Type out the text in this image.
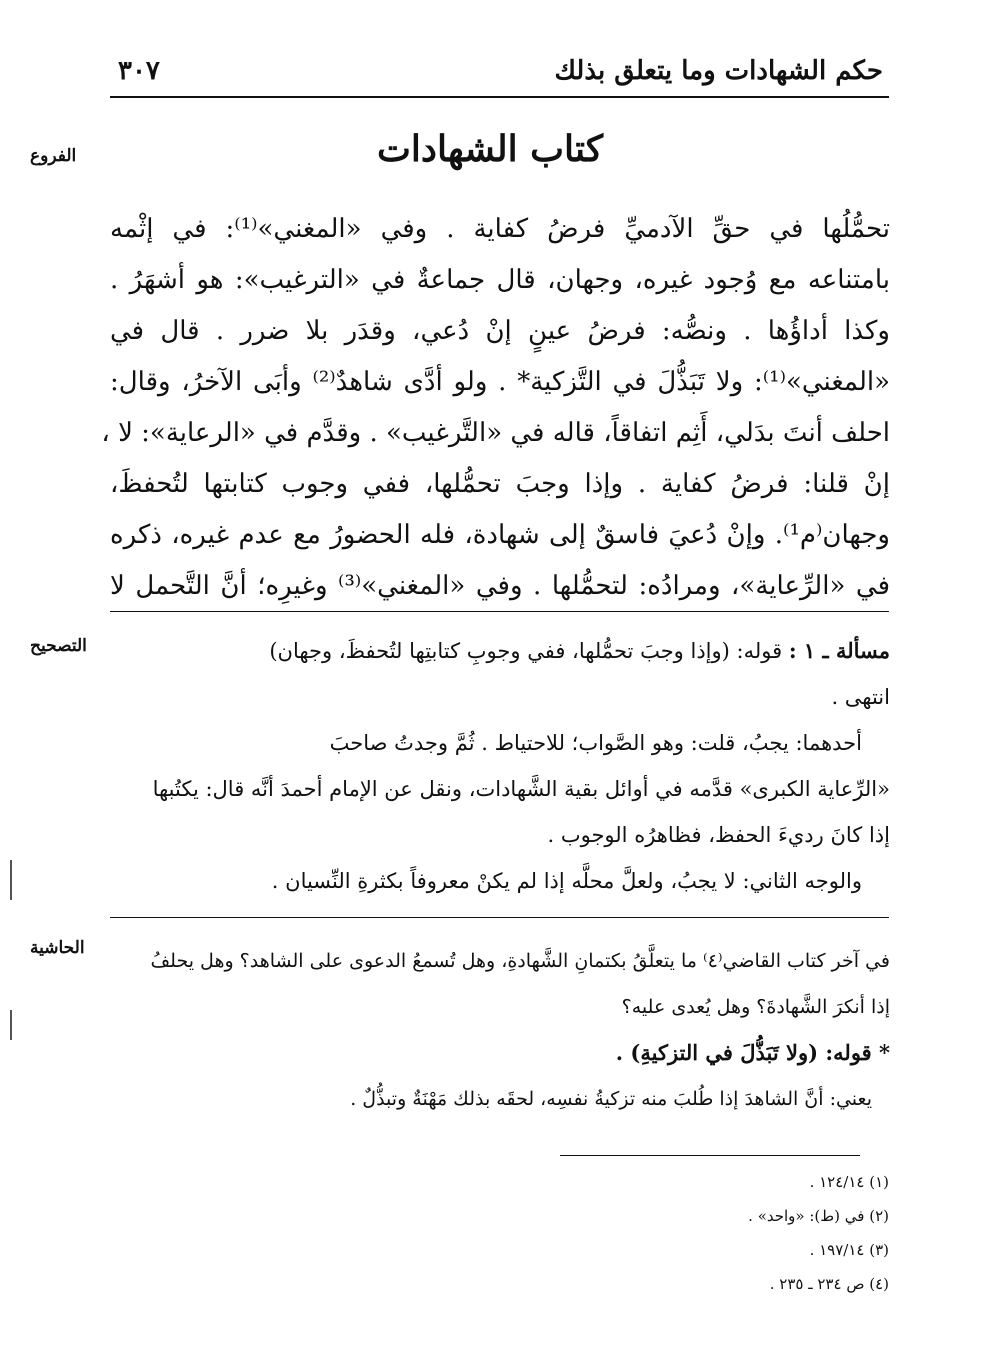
حكم الشهادات وما يتعلق بذلك
٣٠٧
الفروع
التصحيح
الحاشية
كتاب الشهادات
تحمُّلُها في حقِّ الآدميِّ فرضُ كفاية . وفي «المغني»⁽¹⁾: في إثْمه
بامتناعه مع وُجود غيره، وجهان، قال جماعةٌ في «الترغيب»: هو أشهَرُ .
وكذا أداؤُها . ونصُّه: فرضُ عينٍ إنْ دُعي، وقدَر بلا ضرر . قال في
«المغني»⁽¹⁾: ولا تَبَذُّلَ في التَّزكية* . ولو أدَّى شاهدٌ⁽²⁾ وأبَى الآخرُ، وقال:
احلف أنتَ بدَلي، أَثِم اتفاقاً، قاله في «التَّرغيب» . وقدَّم في «الرعاية»: لا ،
إنْ قلنا: فرضُ كفاية . وإذا وجبَ تحمُّلها، ففي وجوب كتابتها لتُحفظَ،
وجهان⁽م¹⁾. وإنْ دُعيَ فاسقٌ إلى شهادة، فله الحضورُ مع عدم غيره، ذكره
في «الرِّعاية»، ومرادُه: لتحمُّلها . وفي «المغني»⁽³⁾ وغيرِه؛ أنَّ التَّحمل لا
مسألة ـ ١ : قوله: (وإذا وجبَ تحمُّلها، ففي وجوبِ كتابتِها لتُحفظَ، وجهان)
انتهى .
أحدهما: يجبُ، قلت: وهو الصَّواب؛ للاحتياط . ثُمَّ وجدتُ صاحبَ
«الرِّعاية الكبرى» قدَّمه في أوائل بقية الشَّهادات، ونقل عن الإمام أحمدَ أنَّه قال: يكتُبها
إذا كانَ رديءَ الحفظ، فظاهرُه الوجوب .
والوجه الثاني: لا يجبُ، ولعلَّ محلَّه إذا لم يكنْ معروفاً بكثرةِ النِّسيان .
في آخر كتاب القاضي⁽٤⁾ ما يتعلَّقُ بكتمانِ الشَّهادةِ، وهل تُسمعُ الدعوى على الشاهد؟ وهل يحلفُ
إذا أنكرَ الشَّهادةَ؟ وهل يُعدى عليه؟
* قوله: (ولا تَبَذُّلَ في التزكيةِ) .
يعني: أنَّ الشاهدَ إذا طُلبَ منه تزكيةُ نفسِه، لحقَه بذلك مَهْنَةٌ وتبذُّلٌ .
(١) ١٢٤/١٤ .
(٢) في (ط): «واحد» .
(٣) ١٩٧/١٤ .
(٤) ص ٢٣٤ ـ ٢٣٥ .
